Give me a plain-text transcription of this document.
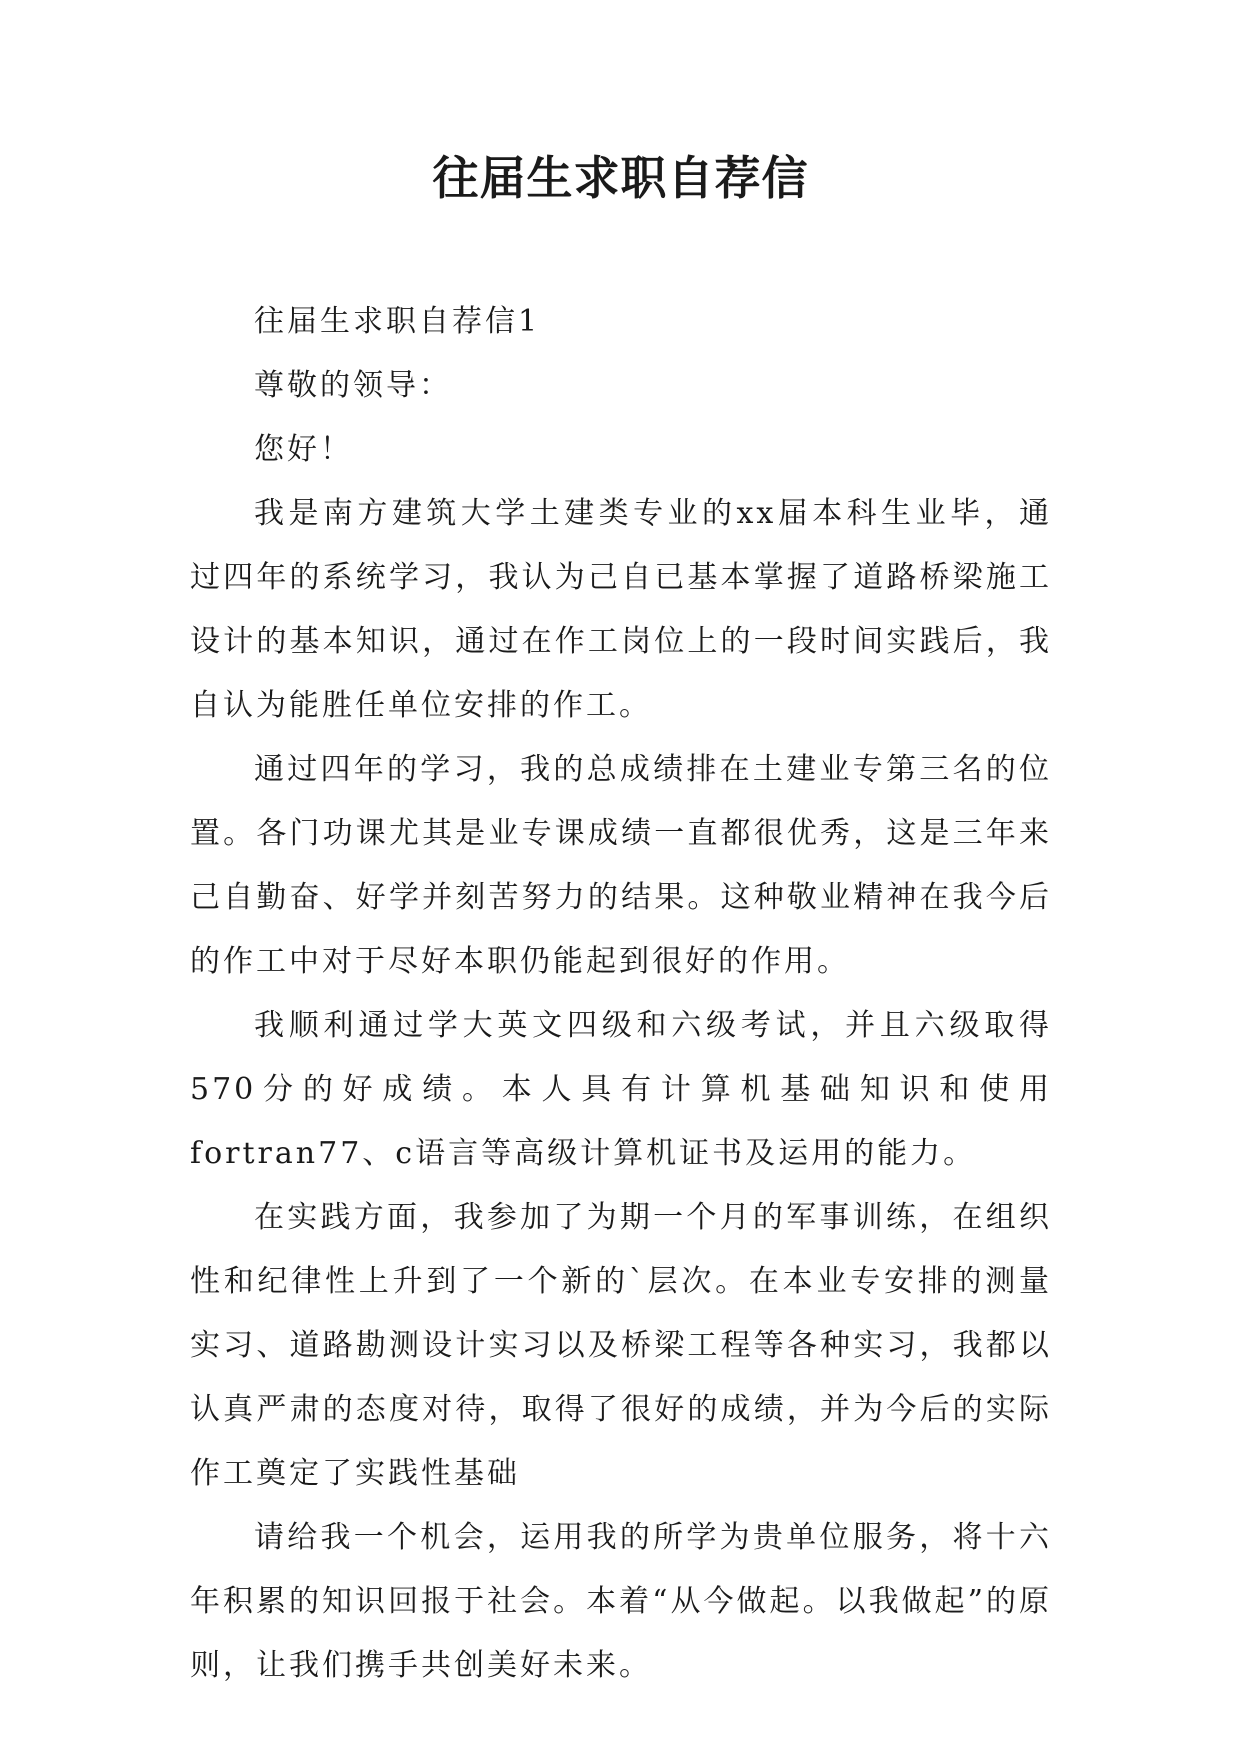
往届生求职自荐信

往届生求职自荐信1

尊敬的领导：

您好！

我是南方建筑大学土建类专业的xx届本科生业毕，通过四年的系统学习，我认为己自已基本掌握了道路桥梁施工设计的基本知识，通过在作工岗位上的一段时间实践后，我自认为能胜任单位安排的作工。

通过四年的学习，我的总成绩排在土建业专第三名的位置。各门功课尤其是业专课成绩一直都很优秀，这是三年来己自勤奋、好学并刻苦努力的结果。这种敬业精神在我今后的作工中对于尽好本职仍能起到很好的作用。

我顺利通过学大英文四级和六级考试，并且六级取得570分的好成绩。本人具有计算机基础知识和使用fortran77、c语言等高级计算机证书及运用的能力。

在实践方面，我参加了为期一个月的军事训练，在组织性和纪律性上升到了一个新的`层次。在本业专安排的测量实习、道路勘测设计实习以及桥梁工程等各种实习，我都以认真严肃的态度对待，取得了很好的成绩，并为今后的实际作工奠定了实践性基础

请给我一个机会，运用我的所学为贵单位服务，将十六年积累的知识回报于社会。本着“从今做起。以我做起”的原则，让我们携手共创美好未来。
